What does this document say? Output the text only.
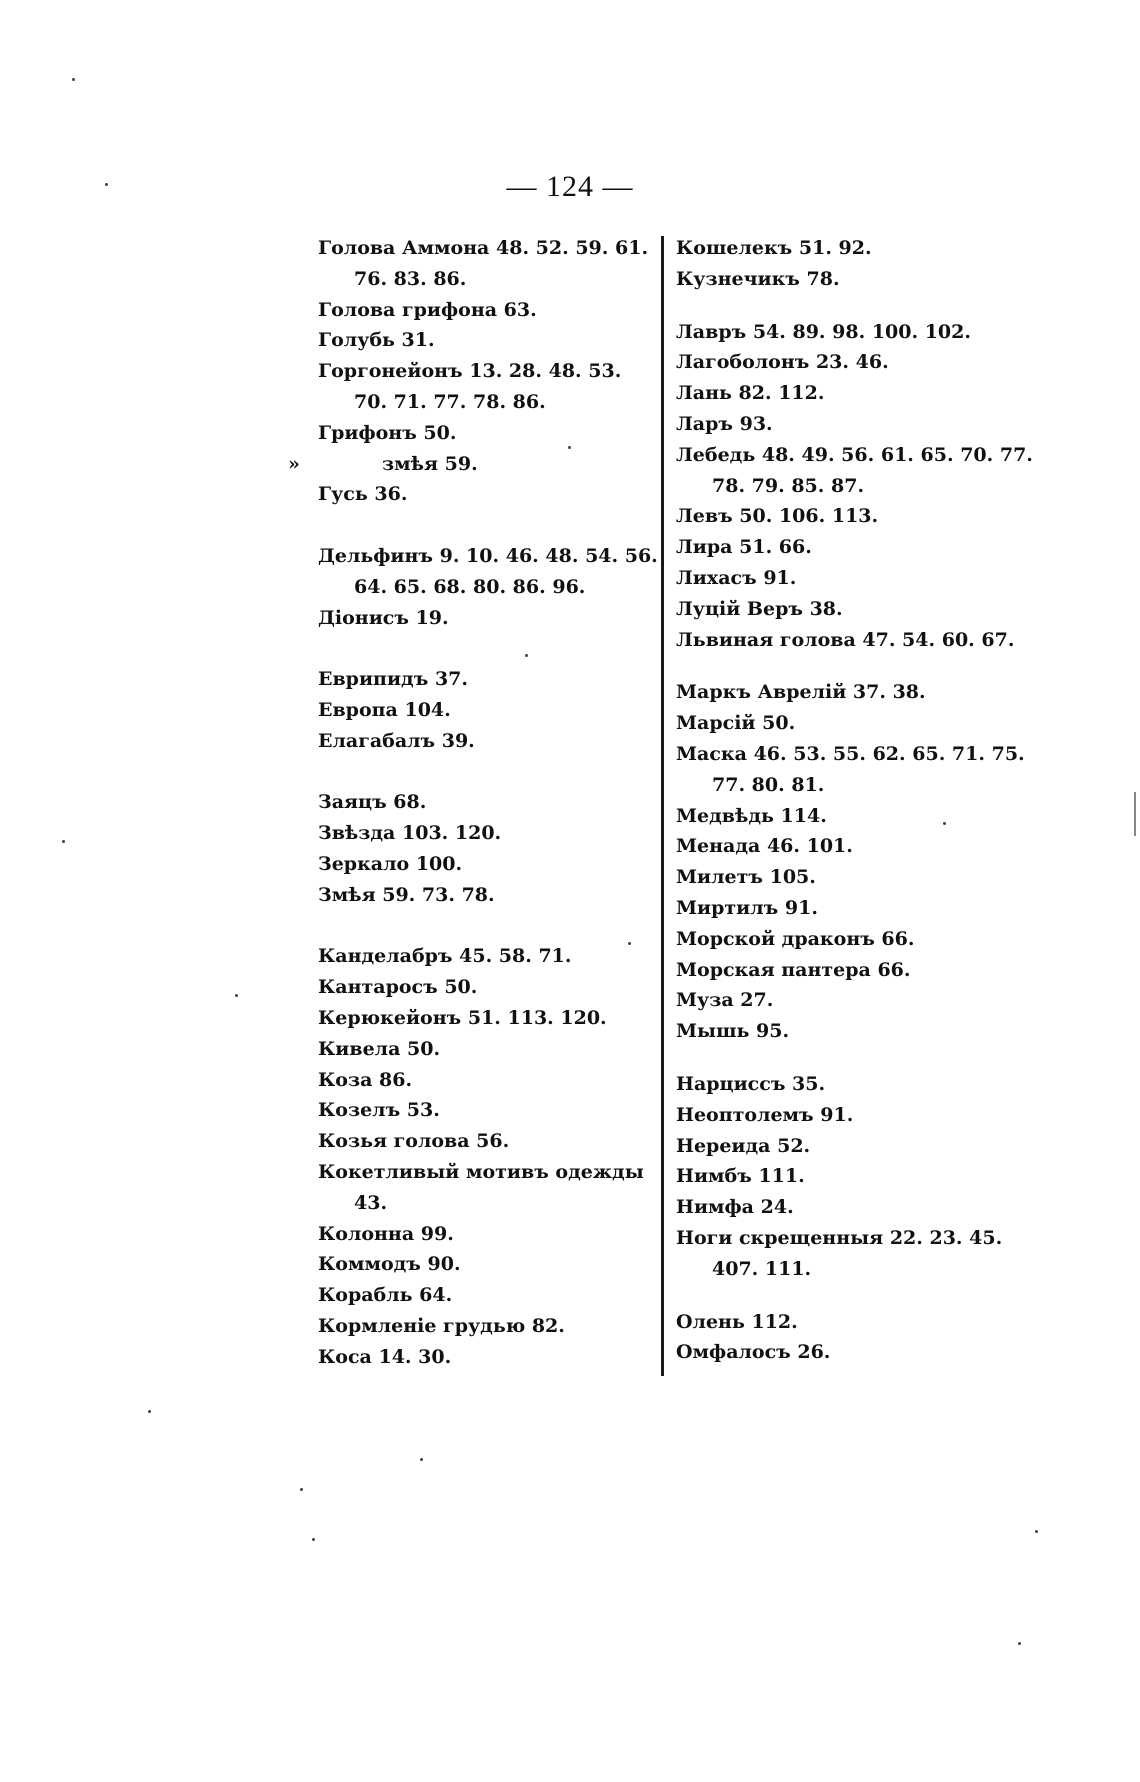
— 124 —
Голова Аммона 48. 52. 59. 61. 76. 83. 86.
Голова грифона 63.
Голубь 31.
Горгонейонъ 13. 28. 48. 53. 70. 71. 77. 78. 86.
Грифонъ 50.
»	змѣя 59.
Гусь 36.
Дельфинъ 9. 10. 46. 48. 54. 56. 64. 65. 68. 80. 86. 96.
Діонисъ 19.
Еврипидъ 37.
Европа 104.
Елагабалъ 39.
Заяцъ 68.
Звѣзда 103. 120.
Зеркало 100.
Змѣя 59. 73. 78.
Канделабръ 45. 58. 71.
Кантаросъ 50.
Керюкейонъ 51. 113. 120.
Кивела 50.
Коза 86.
Козелъ 53.
Козья голова 56.
Кокетливый мотивъ одежды 43.
Колонна 99.
Коммодъ 90.
Корабль 64.
Кормленіе грудью 82.
Коса 14. 30.
Кошелекъ 51. 92.
Кузнечикъ 78.
Лавръ 54. 89. 98. 100. 102.
Лагоболонъ 23. 46.
Лань 82. 112.
Ларъ 93.
Лебедь 48. 49. 56. 61. 65. 70. 77. 78. 79. 85. 87.
Левъ 50. 106. 113.
Лира 51. 66.
Лихасъ 91.
Луцій Веръ 38.
Львиная голова 47. 54. 60. 67.
Маркъ Аврелій 37. 38.
Марсій 50.
Маска 46. 53. 55. 62. 65. 71. 75. 77. 80. 81.
Медвѣдь 114.
Менада 46. 101.
Милетъ 105.
Миртилъ 91.
Морской драконъ 66.
Морская пантера 66.
Муза 27.
Мышь 95.
Нарциссъ 35.
Неоптолемъ 91.
Нереида 52.
Нимбъ 111.
Нимфа 24.
Ноги скрещенныя 22. 23. 45. 407. 111.
Олень 112.
Омфалосъ 26.
